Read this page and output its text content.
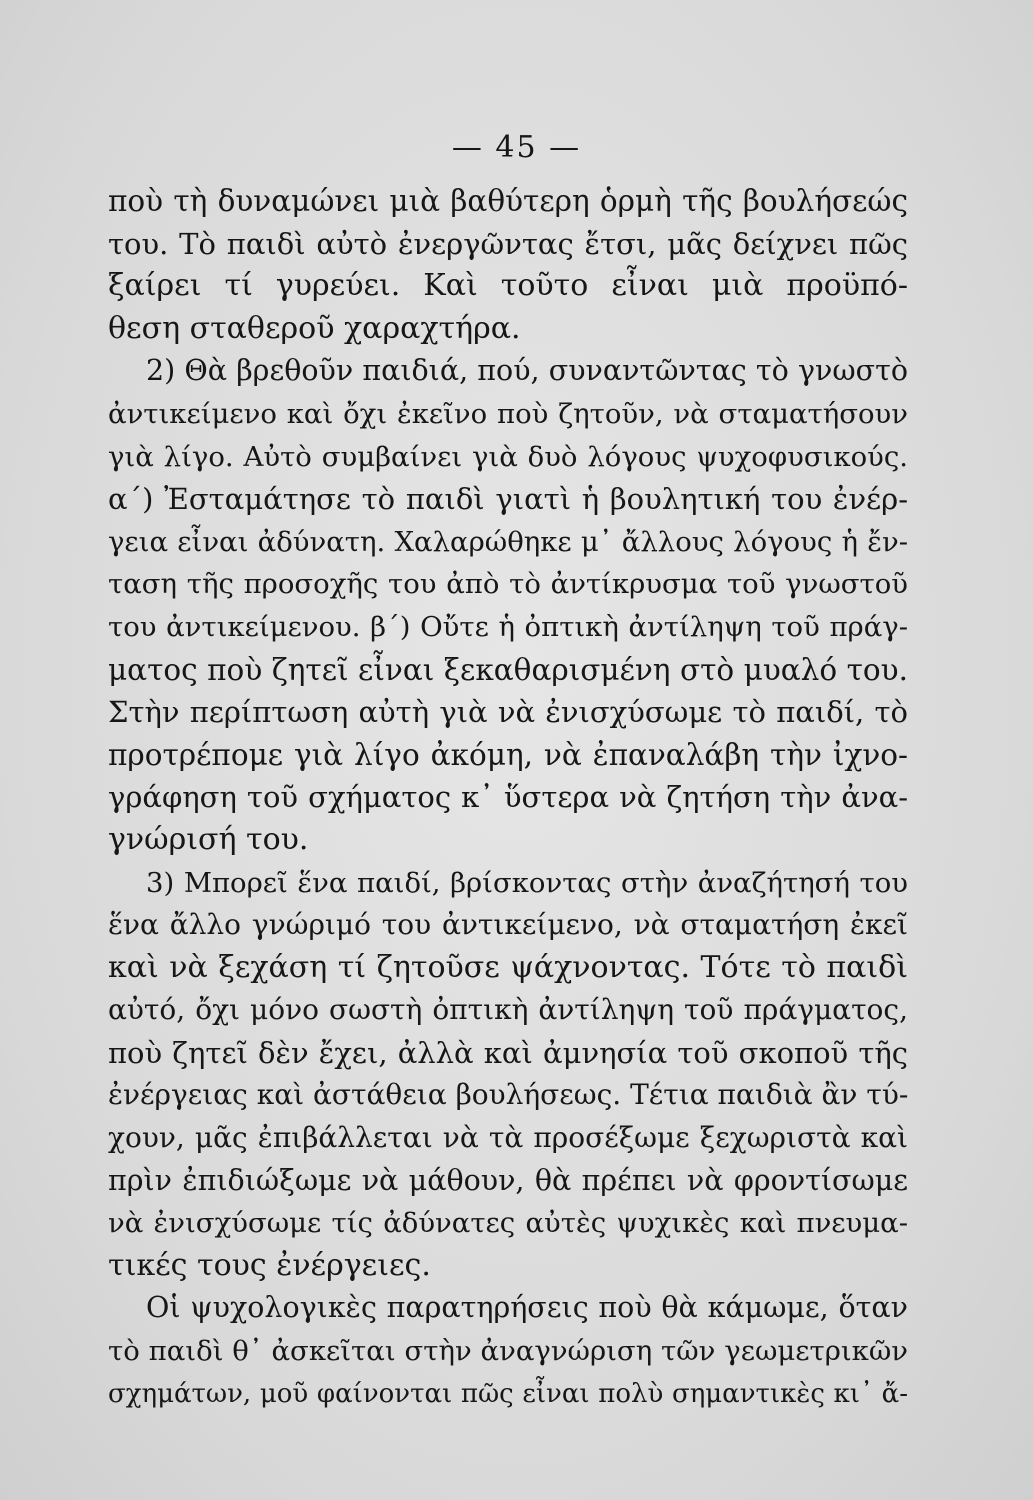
— 45 —
ποὺ τὴ δυναμώνει μιὰ βαθύτερη ὁρμὴ τῆς βουλήσεώς
του. Τὸ παιδὶ αὐτὸ ἐνεργῶντας ἔτσι, μᾶς δείχνει πῶς
ξαίρει τί γυρεύει. Καὶ τοῦτο εἶναι μιὰ προϋπό-
θεση σταθεροῦ χαραχτήρα.
2) Θὰ βρεθοῦν παιδιά, πού, συναντῶντας τὸ γνωστὸ
ἀντικείμενο καὶ ὄχι ἐκεῖνο ποὺ ζητοῦν, νὰ σταματήσουν
γιὰ λίγο. Αὐτὸ συμβαίνει γιὰ δυὸ λόγους ψυχοφυσικούς.
α΄) Ἐσταμάτησε τὸ παιδὶ γιατὶ ἡ βουλητική του ἐνέρ-
γεια εἶναι ἀδύνατη. Χαλαρώθηκε μ᾿ ἄλλους λόγους ἡ ἔν-
ταση τῆς προσοχῆς του ἀπὸ τὸ ἀντίκρυσμα τοῦ γνωστοῦ
του ἀντικείμενου. β΄) Οὔτε ἡ ὀπτικὴ ἀντίληψη τοῦ πράγ-
ματος ποὺ ζητεῖ εἶναι ξεκαθαρισμένη στὸ μυαλό του.
Στὴν περίπτωση αὐτὴ γιὰ νὰ ἐνισχύσωμε τὸ παιδί, τὸ
προτρέπομε γιὰ λίγο ἀκόμη, νὰ ἐπαναλάβη τὴν ἰχνο-
γράφηση τοῦ σχήματος κ᾿ ὕστερα νὰ ζητήση τὴν ἀνα-
γνώρισή του.
3) Μπορεῖ ἕνα παιδί, βρίσκοντας στὴν ἀναζήτησή του
ἕνα ἄλλο γνώριμό του ἀντικείμενο, νὰ σταματήση ἐκεῖ
καὶ νὰ ξεχάση τί ζητοῦσε ψάχνοντας. Τότε τὸ παιδὶ
αὐτό, ὄχι μόνο σωστὴ ὀπτικὴ ἀντίληψη τοῦ πράγματος,
ποὺ ζητεῖ δὲν ἔχει, ἀλλὰ καὶ ἀμνησία τοῦ σκοποῦ τῆς
ἐνέργειας καὶ ἀστάθεια βουλήσεως. Τέτια παιδιὰ ἂν τύ-
χουν, μᾶς ἐπιβάλλεται νὰ τὰ προσέξωμε ξεχωριστὰ καὶ
πρὶν ἐπιδιώξωμε νὰ μάθουν, θὰ πρέπει νὰ φροντίσωμε
νὰ ἐνισχύσωμε τίς ἀδύνατες αὐτὲς ψυχικὲς καὶ πνευμα-
τικές τους ἐνέργειες.
Οἱ ψυχολογικὲς παρατηρήσεις ποὺ θὰ κάμωμε, ὅταν
τὸ παιδὶ θ᾿ ἀσκεῖται στὴν ἀναγνώριση τῶν γεωμετρικῶν
σχημάτων, μοῦ φαίνονται πῶς εἶναι πολὺ σημαντικὲς κι᾿ ἄ-
